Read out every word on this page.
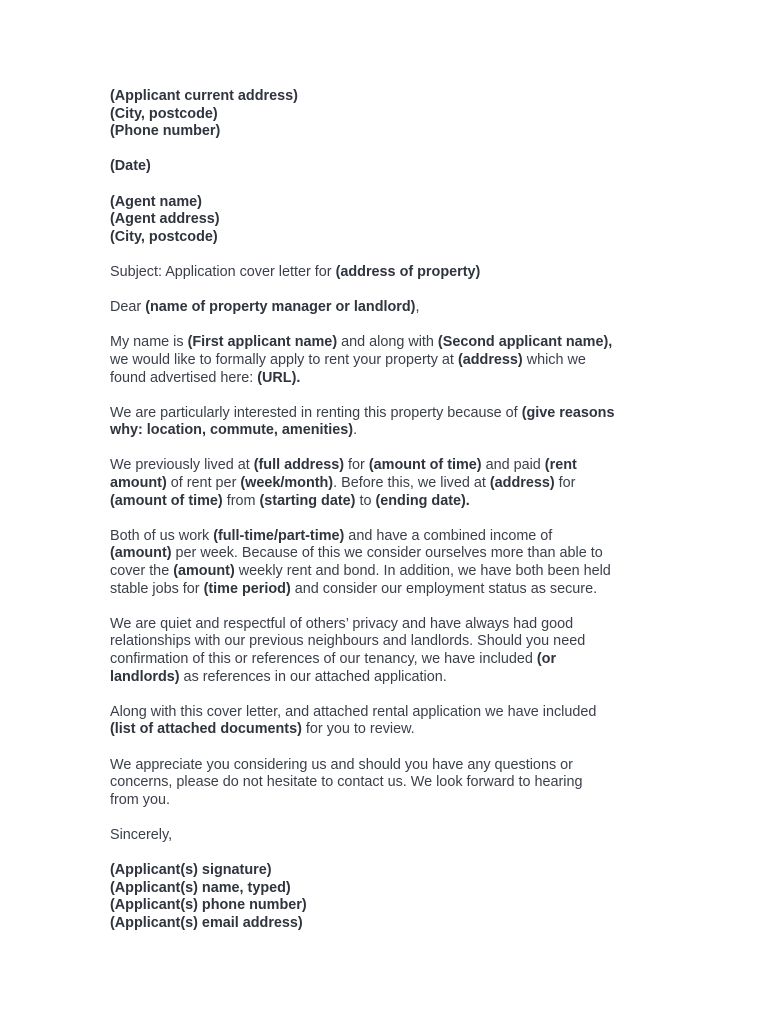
(Applicant current address)
(City, postcode)
(Phone number)

(Date)

(Agent name)
(Agent address)
(City, postcode)

Subject: Application cover letter for (address of property)

Dear (name of property manager or landlord),

My name is (First applicant name) and along with (Second applicant name),
we would like to formally apply to rent your property at (address) which we
found advertised here: (URL).

We are particularly interested in renting this property because of (give reasons
why: location, commute, amenities).

We previously lived at (full address) for (amount of time) and paid (rent
amount) of rent per (week/month). Before this, we lived at (address) for
(amount of time) from (starting date) to (ending date).

Both of us work (full-time/part-time) and have a combined income of
(amount) per week. Because of this we consider ourselves more than able to
cover the (amount) weekly rent and bond. In addition, we have both been held
stable jobs for (time period) and consider our employment status as secure.

We are quiet and respectful of others’ privacy and have always had good
relationships with our previous neighbours and landlords. Should you need
confirmation of this or references of our tenancy, we have included (or
landlords) as references in our attached application.

Along with this cover letter, and attached rental application we have included
(list of attached documents) for you to review.

We appreciate you considering us and should you have any questions or
concerns, please do not hesitate to contact us. We look forward to hearing
from you.

Sincerely,

(Applicant(s) signature)
(Applicant(s) name, typed)
(Applicant(s) phone number)
(Applicant(s) email address)
